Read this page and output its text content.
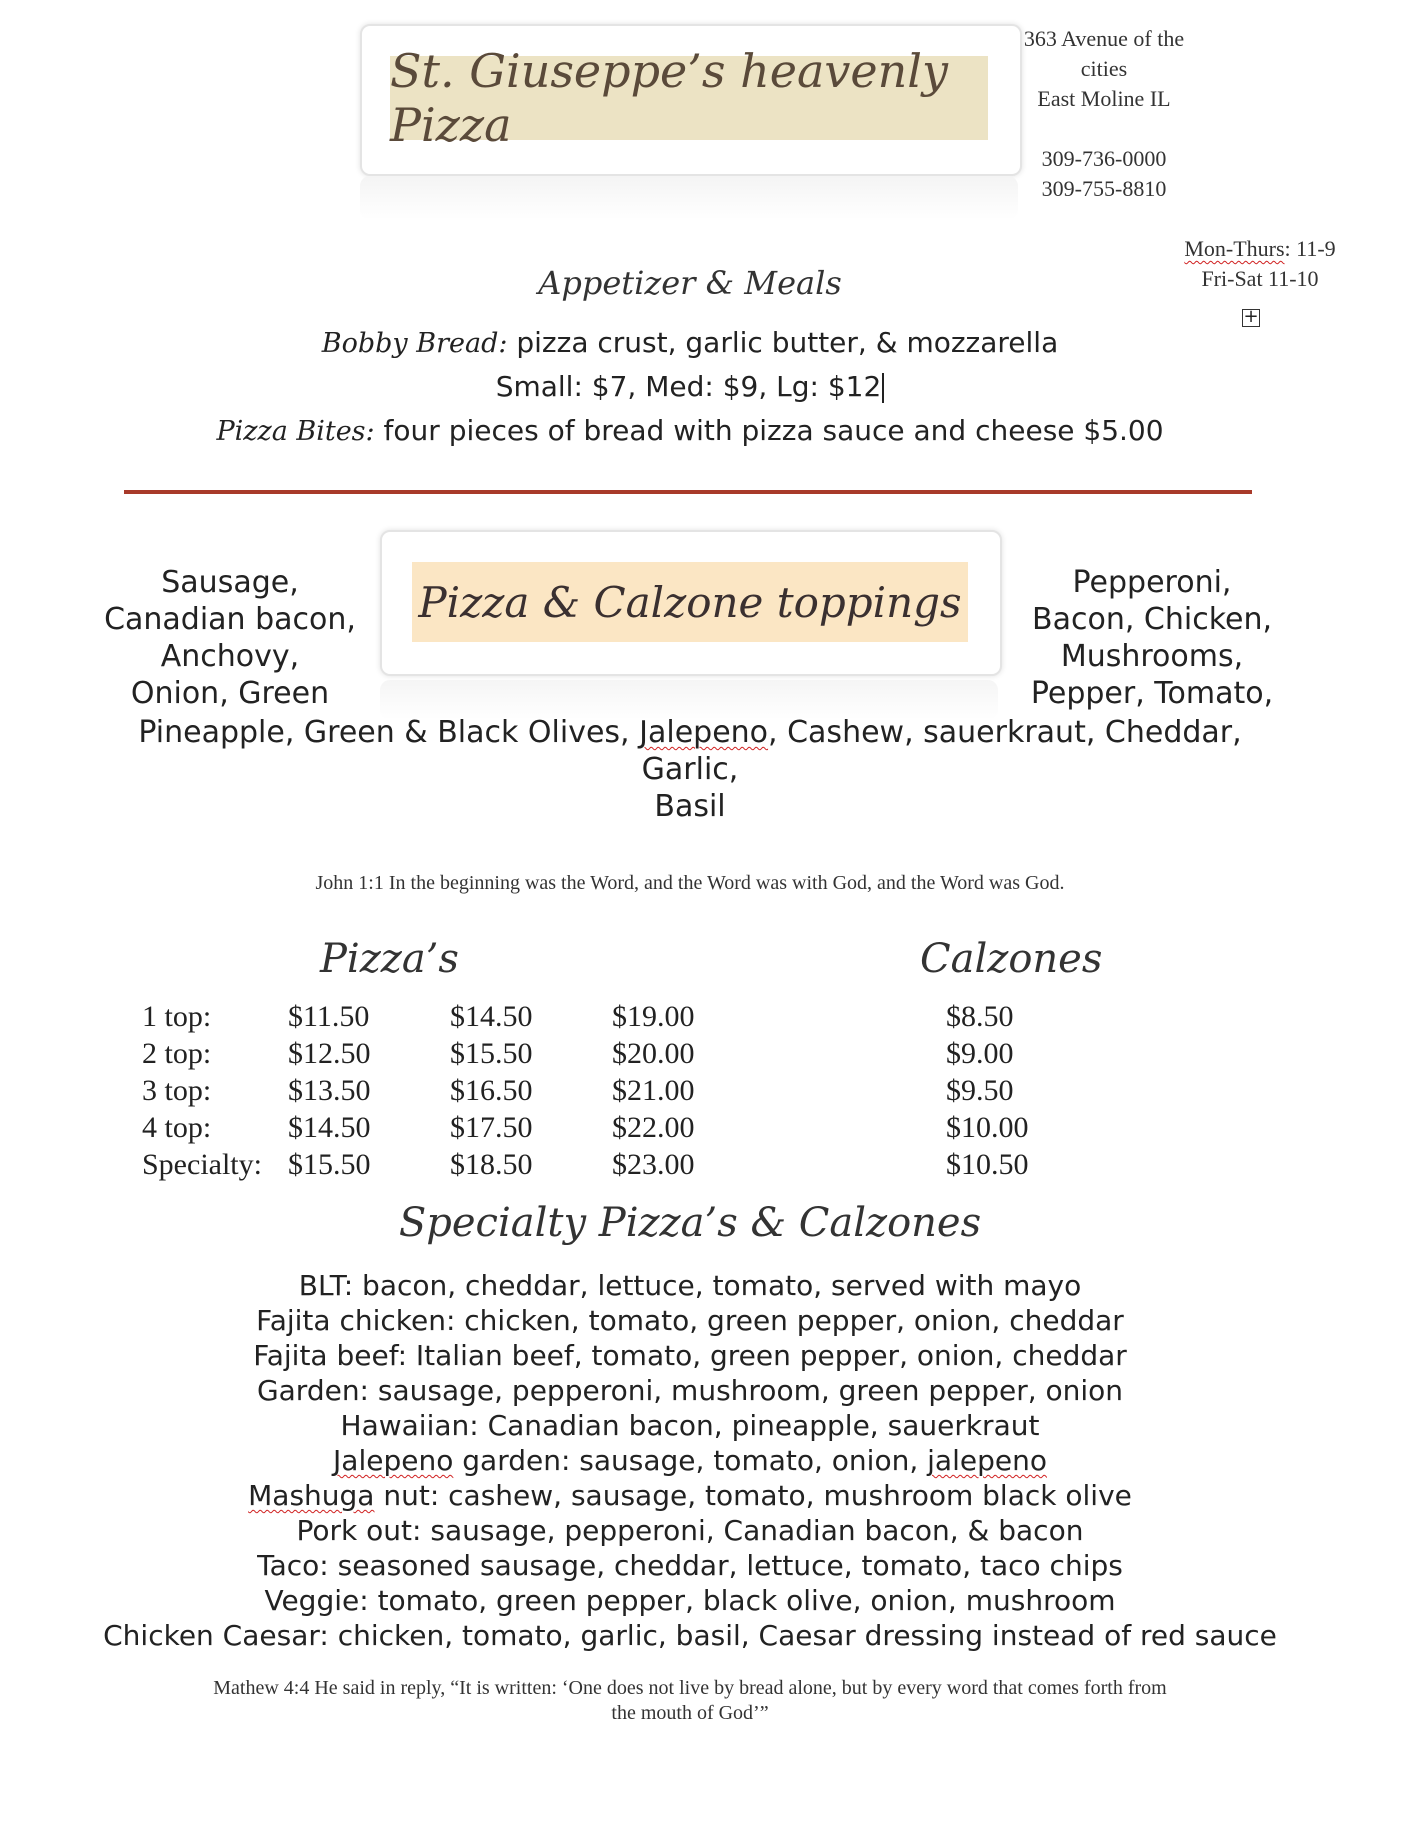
St. Giuseppe’s heavenly Pizza
363 Avenue of the
cities
East Moline IL
309-736-0000
309-755-8810
Mon-Thurs: 11-9
Fri-Sat 11-10
+
Appetizer & Meals
Bobby Bread: pizza crust, garlic butter, & mozzarella
Small: $7, Med: $9, Lg: $12
Pizza Bites: four pieces of bread with pizza sauce and cheese $5.00
Pizza & Calzone toppings
Sausage,
Canadian bacon,
Anchovy,
Onion, Green
Pepperoni,
Bacon, Chicken,
Mushrooms,
Pepper, Tomato,
Pineapple, Green & Black Olives, Jalepeno, Cashew, sauerkraut, Cheddar, Garlic,
Basil
John 1:1 In the beginning was the Word, and the Word was with God, and the Word was God.
Pizza’s	Calzones
1 top:	$11.50	$14.50	$19.00	$8.50
2 top:	$12.50	$15.50	$20.00	$9.00
3 top:	$13.50	$16.50	$21.00	$9.50
4 top:	$14.50	$17.50	$22.00	$10.00
Specialty: $15.50	$18.50	$23.00	$10.50
Specialty Pizza’s & Calzones
BLT: bacon, cheddar, lettuce, tomato, served with mayo
Fajita chicken: chicken, tomato, green pepper, onion, cheddar
Fajita beef: Italian beef, tomato, green pepper, onion, cheddar
Garden: sausage, pepperoni, mushroom, green pepper, onion
Hawaiian: Canadian bacon, pineapple, sauerkraut
Jalepeno garden: sausage, tomato, onion, jalepeno
Mashuga nut: cashew, sausage, tomato, mushroom black olive
Pork out: sausage, pepperoni, Canadian bacon, & bacon
Taco: seasoned sausage, cheddar, lettuce, tomato, taco chips
Veggie: tomato, green pepper, black olive, onion, mushroom
Chicken Caesar: chicken, tomato, garlic, basil, Caesar dressing instead of red sauce
Mathew 4:4 He said in reply, “It is written: ‘One does not live by bread alone, but by every word that comes forth from
the mouth of God’”
